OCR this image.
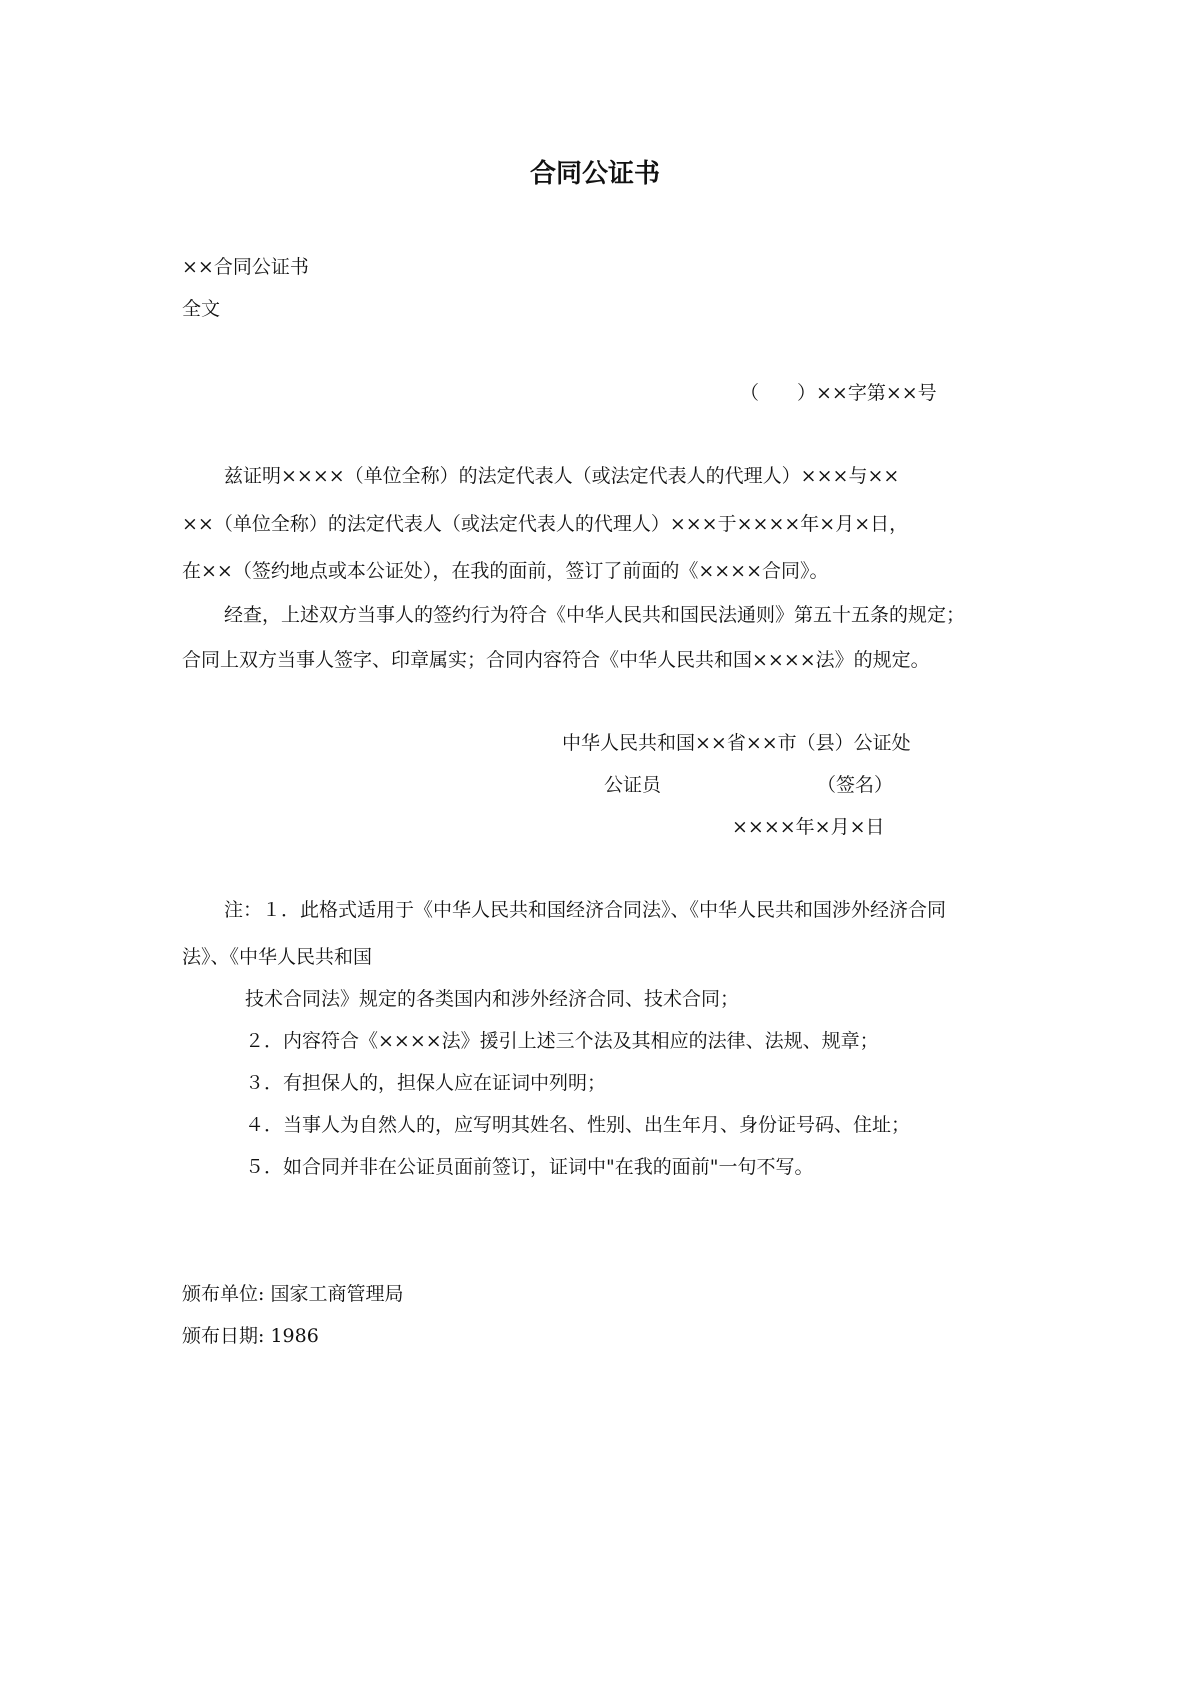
合同公证书
××合同公证书
全文
（　　）××字第××号
兹证明××××（单位全称）的法定代表人（或法定代表人的代理人）×××与××
××（单位全称）的法定代表人（或法定代表人的代理人）×××于××××年×月×日，
在××（签约地点或本公证处），在我的面前，签订了前面的《××××合同》。
经查，上述双方当事人的签约行为符合《中华人民共和国民法通则》第五十五条的规定；
合同上双方当事人签字、印章属实；合同内容符合《中华人民共和国××××法》的规定。
中华人民共和国××省××市（县）公证处
公证员	（签名）
××××年×月×日
注：１．此格式适用于《中华人民共和国经济合同法》、《中华人民共和国涉外经济合同
法》、《中华人民共和国
技术合同法》规定的各类国内和涉外经济合同、技术合同；
２．内容符合《××××法》援引上述三个法及其相应的法律、法规、规章；
３．有担保人的，担保人应在证词中列明；
４．当事人为自然人的，应写明其姓名、性别、出生年月、身份证号码、住址；
５．如合同并非在公证员面前签订，证词中"在我的面前"一句不写。
颁布单位: 国家工商管理局
颁布日期: 1986
